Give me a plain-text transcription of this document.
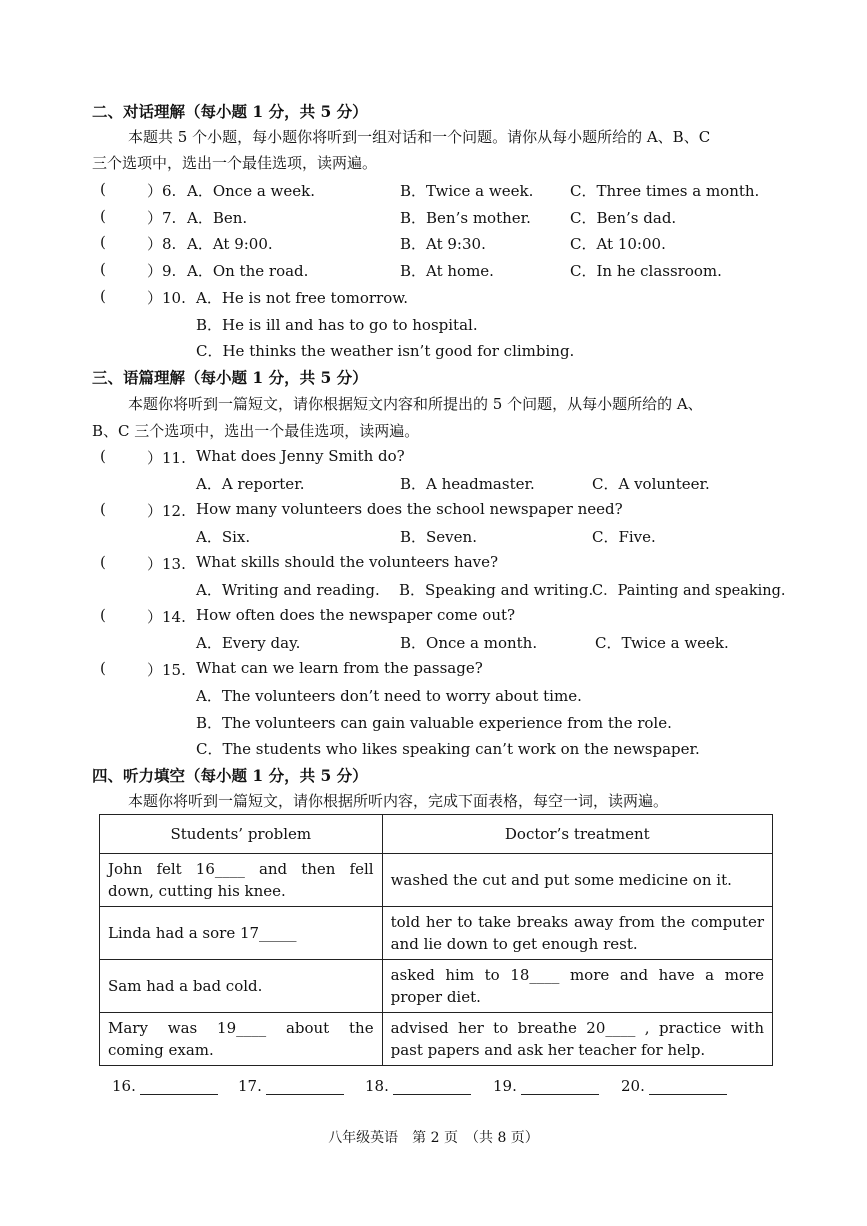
二、对话理解（每小题 1 分，共 5 分）
本题共 5 个小题，每小题你将听到一组对话和一个问题。请你从每小题所给的 A、B、C
三个选项中，选出一个最佳选项，读两遍。
(	）6. A．Once a week.	B．Twice a week. C．Three times a month.
(	）7. A．Ben.	B．Ben’s mother.	C．Ben’s dad.
(	）8. A．At 9:00.	B．At 9:30.	C．At 10:00.
(	）9. A．On the road.	B．At home.	C．In he classroom.
(	）10. A．He is not free tomorrow.
B．He is ill and has to go to hospital.
C．He thinks the weather isn’t good for climbing.
三、语篇理解（每小题 1 分，共 5 分）
本题你将听到一篇短文，请你根据短文内容和所提出的 5 个问题，从每小题所给的 A、
B、C 三个选项中，选出一个最佳选项，读两遍。
(	）11. What does Jenny Smith do?
A．A reporter.	B．A headmaster.	C．A volunteer.
(	）12. How many volunteers does the school newspaper need?
A．Six.	B．Seven.	C．Five.
(	）13. What skills should the volunteers have?
A．Writing and reading. B．Speaking and writing.
C．Painting and speaking.
(	）14. How often does the newspaper come out?
A．Every day.	B．Once a month.	C．Twice a week.
(	）15. What can we learn from the passage?
A．The volunteers don’t need to worry about time.
B．The volunteers can gain valuable experience from the role.
C．The students who likes speaking can’t work on the newspaper.
四、听力填空（每小题 1 分，共 5 分）
本题你将听到一篇短文，请你根据所听内容，完成下面表格，每空一词，读两遍。
Students’ problem	Doctor’s treatment
John felt 16____ and then fell down, cutting his knee.	washed the cut and put some medicine on it.
Linda had a sore 17_____	told her to take breaks away from the computer and lie down to get enough rest.
Sam had a bad cold.	asked him to 18____ more and have a more proper diet.
Mary was 19____ about the coming exam.	advised her to breathe 20____ , practice with past papers and ask her teacher for help.
16.	17.	18.	19.	20.
八年级英语　第 2 页　（共 8 页）
